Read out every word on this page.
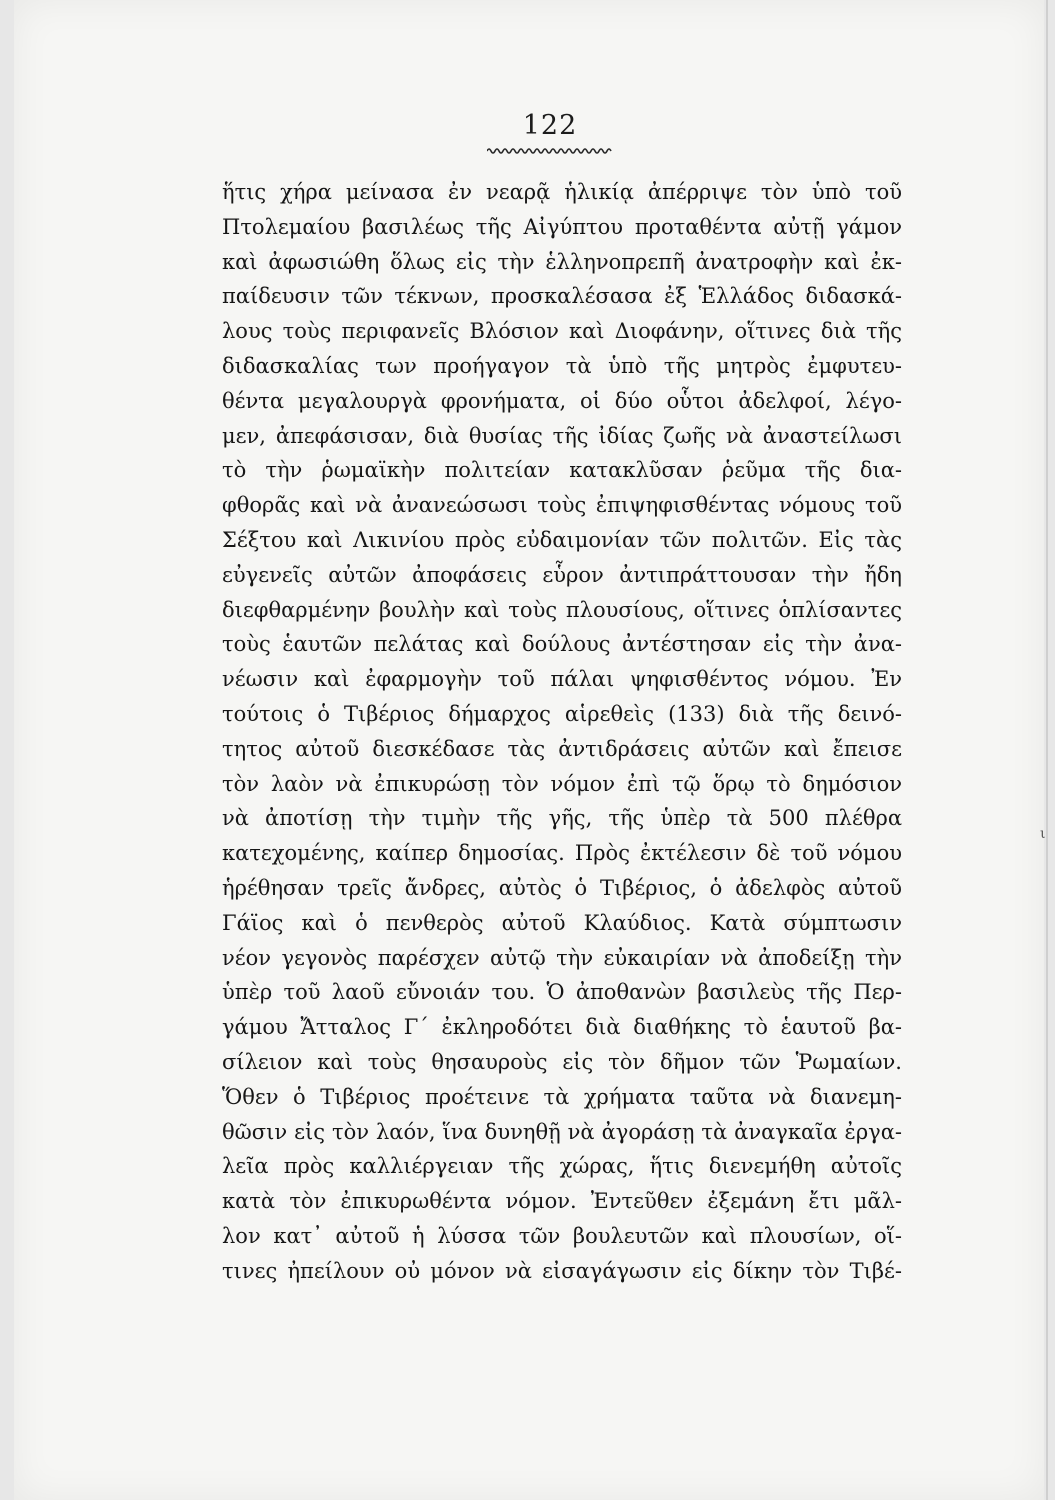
122
ἥτις χήρα μείνασα ἐν νεαρᾷ ἡλικίᾳ ἀπέρριψε τὸν ὑπὸ τοῦ
Πτολεμαίου βασιλέως τῆς Αἰγύπτου προταθέντα αὐτῇ γάμον
καὶ ἀφωσιώθη ὅλως εἰς τὴν ἑλληνοπρεπῆ ἀνατροφὴν καὶ ἐκ-
παίδευσιν τῶν τέκνων, προσκαλέσασα ἐξ Ἑλλάδος διδασκά-
λους τοὺς περιφανεῖς Βλόσιον καὶ Διοφάνην, οἵτινες διὰ τῆς
διδασκαλίας των προήγαγον τὰ ὑπὸ τῆς μητρὸς ἐμφυτευ-
θέντα μεγαλουργὰ φρονήματα, οἱ δύο οὗτοι ἀδελφοί, λέγο-
μεν, ἀπεφάσισαν, διὰ θυσίας τῆς ἰδίας ζωῆς νὰ ἀναστείλωσι
τὸ τὴν ῥωμαϊκὴν πολιτείαν κατακλῦσαν ῥεῦμα τῆς δια-
φθορᾶς καὶ νὰ ἀνανεώσωσι τοὺς ἐπιψηφισθέντας νόμους τοῦ
Σέξτου καὶ Λικινίου πρὸς εὐδαιμονίαν τῶν πολιτῶν. Εἰς τὰς
εὐγενεῖς αὐτῶν ἀποφάσεις εὗρον ἀντιπράττουσαν τὴν ἤδη
διεφθαρμένην βουλὴν καὶ τοὺς πλουσίους, οἵτινες ὁπλίσαντες
τοὺς ἑαυτῶν πελάτας καὶ δούλους ἀντέστησαν εἰς τὴν ἀνα-
νέωσιν καὶ ἐφαρμογὴν τοῦ πάλαι ψηφισθέντος νόμου. Ἐν
τούτοις ὁ Τιβέριος δήμαρχος αἱρεθεὶς (133) διὰ τῆς δεινό-
τητος αὐτοῦ διεσκέδασε τὰς ἀντιδράσεις αὐτῶν καὶ ἔπεισε
τὸν λαὸν νὰ ἐπικυρώσῃ τὸν νόμον ἐπὶ τῷ ὅρῳ τὸ δημόσιον
νὰ ἀποτίσῃ τὴν τιμὴν τῆς γῆς, τῆς ὑπὲρ τὰ 500 πλέθρα
κατεχομένης, καίπερ δημοσίας. Πρὸς ἐκτέλεσιν δὲ τοῦ νόμου
ἡρέθησαν τρεῖς ἄνδρες, αὐτὸς ὁ Τιβέριος, ὁ ἀδελφὸς αὐτοῦ
Γάϊος καὶ ὁ πενθερὸς αὐτοῦ Κλαύδιος. Κατὰ σύμπτωσιν
νέον γεγονὸς παρέσχεν αὐτῷ τὴν εὐκαιρίαν νὰ ἀποδείξῃ τὴν
ὑπὲρ τοῦ λαοῦ εὔνοιάν του. Ὁ ἀποθανὼν βασιλεὺς τῆς Περ-
γάμου Ἄτταλος Γ΄ ἐκληροδότει διὰ διαθήκης τὸ ἑαυτοῦ βα-
σίλειον καὶ τοὺς θησαυροὺς εἰς τὸν δῆμον τῶν Ῥωμαίων.
Ὅθεν ὁ Τιβέριος προέτεινε τὰ χρήματα ταῦτα νὰ διανεμη-
θῶσιν εἰς τὸν λαόν, ἵνα δυνηθῇ νὰ ἀγοράσῃ τὰ ἀναγκαῖα ἐργα-
λεῖα πρὸς καλλιέργειαν τῆς χώρας, ἥτις διενεμήθη αὐτοῖς
κατὰ τὸν ἐπικυρωθέντα νόμον. Ἐντεῦθεν ἐξεμάνη ἔτι μᾶλ-
λον κατ᾽ αὐτοῦ ἡ λύσσα τῶν βουλευτῶν καὶ πλουσίων, οἵ-
τινες ἠπείλουν οὐ μόνον νὰ εἰσαγάγωσιν εἰς δίκην τὸν Τιβέ-
ι
